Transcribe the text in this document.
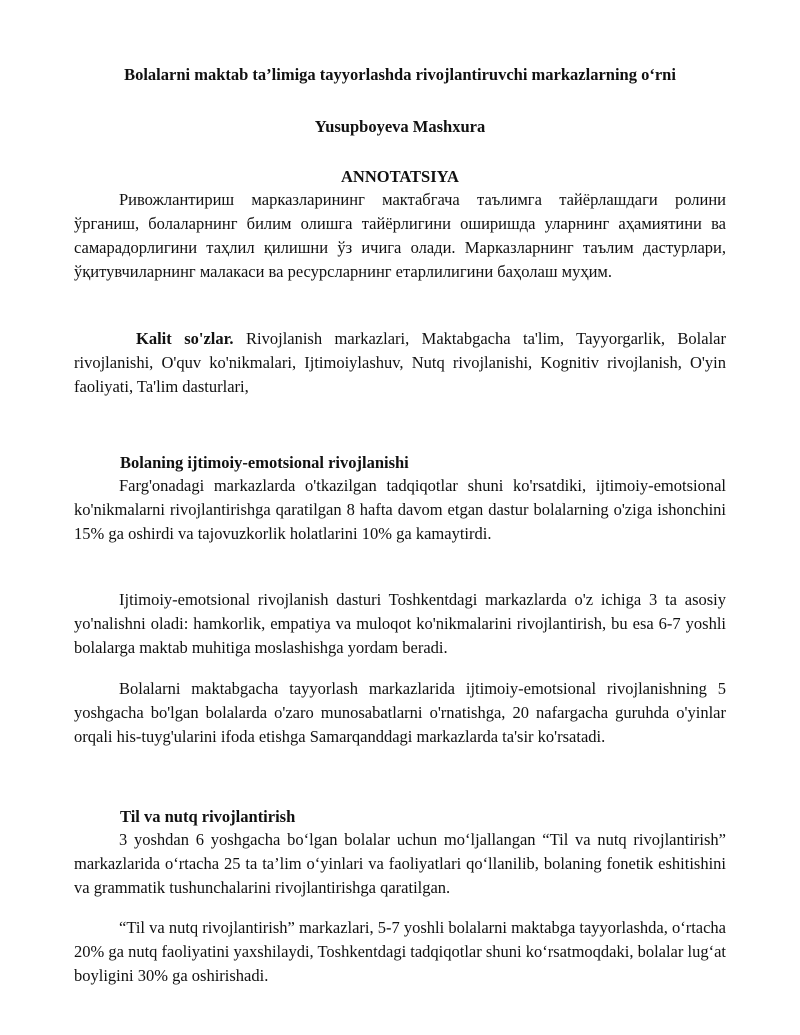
Bolalarni maktab ta’limiga tayyorlashda rivojlantiruvchi markazlarning o‘rni
Yusupboyeva Mashxura
ANNOTATSIYA

Ривожлантириш марказларининг мактабгача таълимга тайёрлашдаги ролини ўрганиш, болаларнинг билим олишга тайёрлигини оширишда уларнинг аҳамиятини ва самарадорлигини таҳлил қилишни ўз ичига олади. Марказларнинг таълим дастурлари, ўқитувчиларнинг малакаси ва ресурсларнинг етарлилигини баҳолаш муҳим.

Kalit so'zlar. Rivojlanish markazlari, Maktabgacha ta'lim, Tayyorgarlik, Bolalar rivojlanishi, O'quv ko'nikmalari, Ijtimoiylashuv, Nutq rivojlanishi, Kognitiv rivojlanish, O'yin faoliyati, Ta'lim dasturlari,

Bolaning ijtimoiy-emotsional rivojlanishi

Farg'onadagi markazlarda o'tkazilgan tadqiqotlar shuni ko'rsatdiki, ijtimoiy-emotsional ko'nikmalarni rivojlantirishga qaratilgan 8 hafta davom etgan dastur bolalarning o'ziga ishonchini 15% ga oshirdi va tajovuzkorlik holatlarini 10% ga kamaytirdi.

Ijtimoiy-emotsional rivojlanish dasturi Toshkentdagi markazlarda o'z ichiga 3 ta asosiy yo'nalishni oladi: hamkorlik, empatiya va muloqot ko'nikmalarini rivojlantirish, bu esa 6-7 yoshli bolalarga maktab muhitiga moslashishga yordam beradi.

Bolalarni maktabgacha tayyorlash markazlarida ijtimoiy-emotsional rivojlanishning 5 yoshgacha bo'lgan bolalarda o'zaro munosabatlarni o'rnatishga, 20 nafargacha guruhda o'yinlar orqali his-tuyg'ularini ifoda etishga Samarqanddagi markazlarda ta'sir ko'rsatadi.

Til va nutq rivojlantirish

3 yoshdan 6 yoshgacha bo‘lgan bolalar uchun mo‘ljallangan “Til va nutq rivojlantirish” markazlarida o‘rtacha 25 ta ta’lim o‘yinlari va faoliyatlari qo‘llanilib, bolaning fonetik eshitishini va grammatik tushunchalarini rivojlantirishga qaratilgan.

“Til va nutq rivojlantirish” markazlari, 5-7 yoshli bolalarni maktabga tayyorlashda, o‘rtacha 20% ga nutq faoliyatini yaxshilaydi, Toshkentdagi tadqiqotlar shuni ko‘rsatmoqdaki, bolalar lug‘at boyligini 30% ga oshirishadi.
